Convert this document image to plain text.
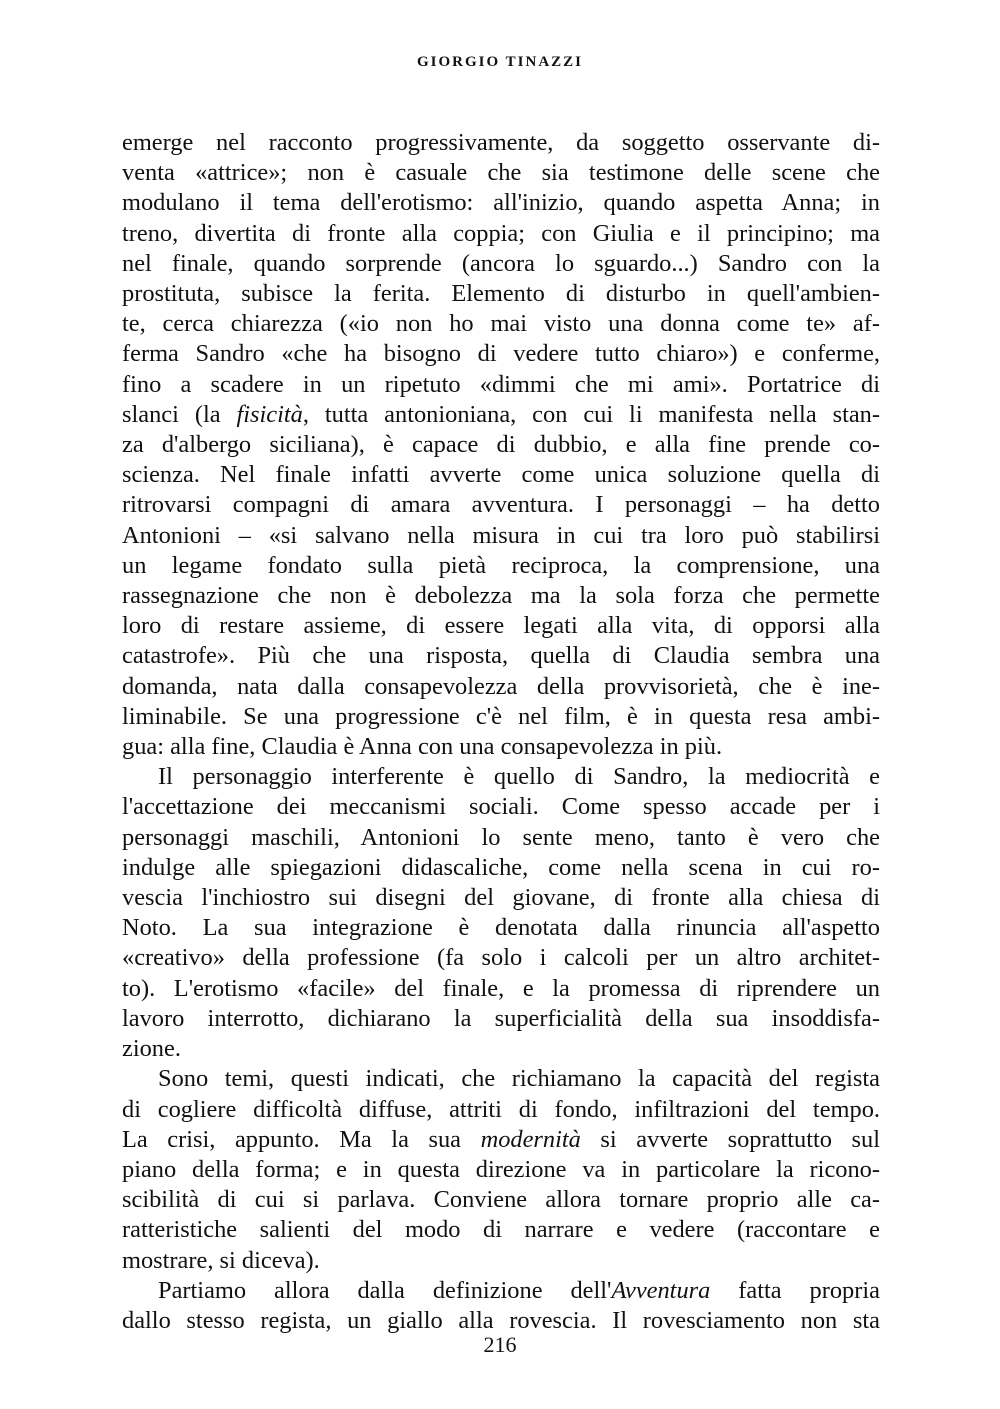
GIORGIO TINAZZI
emerge nel racconto progressivamente, da soggetto osservante di-
venta «attrice»; non è casuale che sia testimone delle scene che
modulano il tema dell'erotismo: all'inizio, quando aspetta Anna; in
treno, divertita di fronte alla coppia; con Giulia e il principino; ma
nel finale, quando sorprende (ancora lo sguardo...) Sandro con la
prostituta, subisce la ferita. Elemento di disturbo in quell'ambien-
te, cerca chiarezza («io non ho mai visto una donna come te» af-
ferma Sandro «che ha bisogno di vedere tutto chiaro») e conferme,
fino a scadere in un ripetuto «dimmi che mi ami». Portatrice di
slanci (la fisicità, tutta antonioniana, con cui li manifesta nella stan-
za d'albergo siciliana), è capace di dubbio, e alla fine prende co-
scienza. Nel finale infatti avverte come unica soluzione quella di
ritrovarsi compagni di amara avventura. I personaggi – ha detto
Antonioni – «si salvano nella misura in cui tra loro può stabilirsi
un legame fondato sulla pietà reciproca, la comprensione, una
rassegnazione che non è debolezza ma la sola forza che permette
loro di restare assieme, di essere legati alla vita, di opporsi alla
catastrofe». Più che una risposta, quella di Claudia sembra una
domanda, nata dalla consapevolezza della provvisorietà, che è ine-
liminabile. Se una progressione c'è nel film, è in questa resa ambi-
gua: alla fine, Claudia è Anna con una consapevolezza in più.
Il personaggio interferente è quello di Sandro, la mediocrità e
l'accettazione dei meccanismi sociali. Come spesso accade per i
personaggi maschili, Antonioni lo sente meno, tanto è vero che
indulge alle spiegazioni didascaliche, come nella scena in cui ro-
vescia l'inchiostro sui disegni del giovane, di fronte alla chiesa di
Noto. La sua integrazione è denotata dalla rinuncia all'aspetto
«creativo» della professione (fa solo i calcoli per un altro architet-
to). L'erotismo «facile» del finale, e la promessa di riprendere un
lavoro interrotto, dichiarano la superficialità della sua insoddisfa-
zione.
Sono temi, questi indicati, che richiamano la capacità del regista
di cogliere difficoltà diffuse, attriti di fondo, infiltrazioni del tempo.
La crisi, appunto. Ma la sua modernità si avverte soprattutto sul
piano della forma; e in questa direzione va in particolare la ricono-
scibilità di cui si parlava. Conviene allora tornare proprio alle ca-
ratteristiche salienti del modo di narrare e vedere (raccontare e
mostrare, si diceva).
Partiamo allora dalla definizione dell'Avventura fatta propria
dallo stesso regista, un giallo alla rovescia. Il rovesciamento non sta
216
